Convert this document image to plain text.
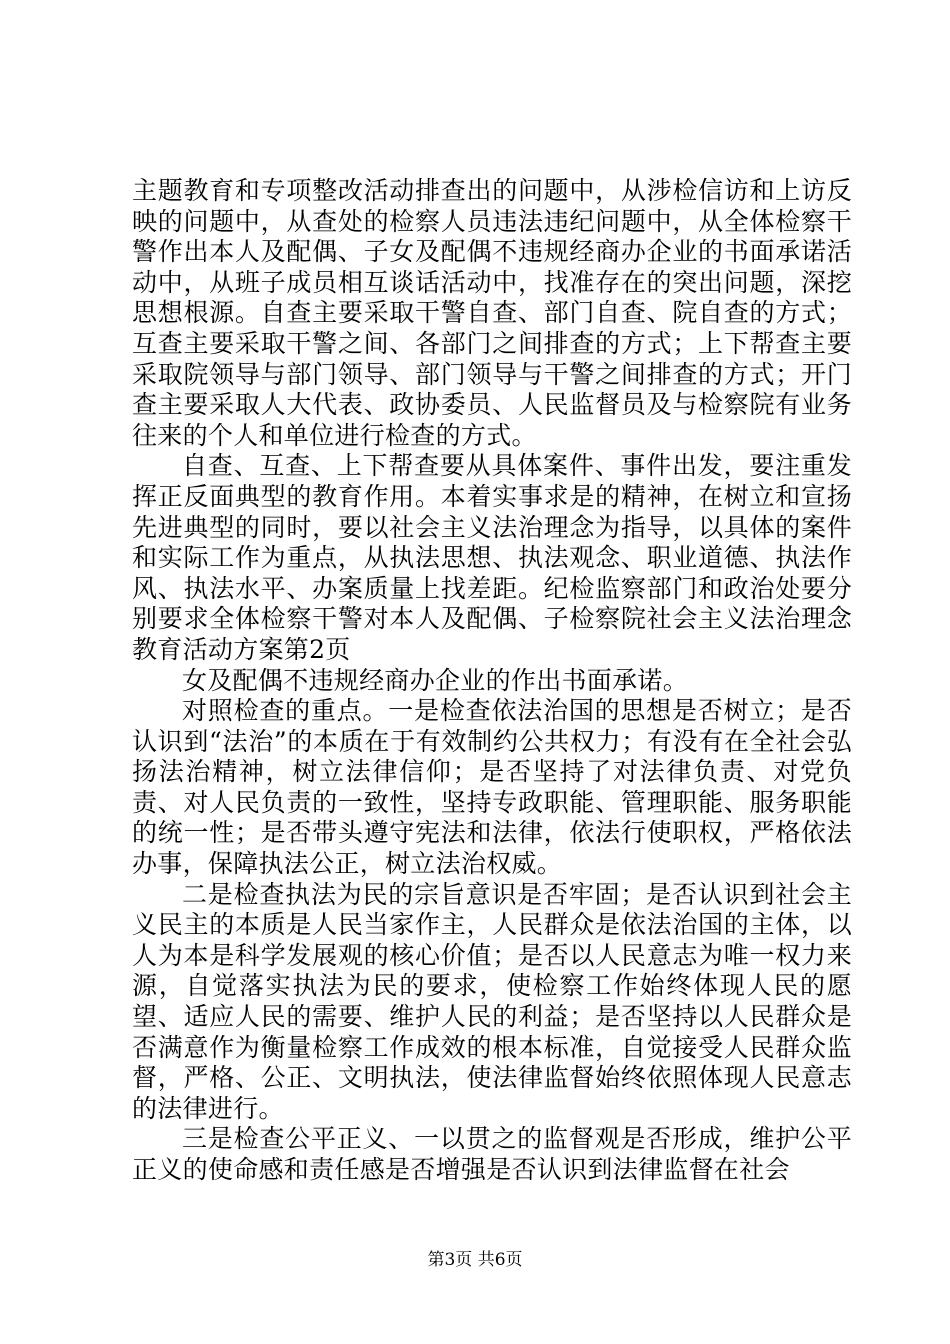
主题教育和专项整改活动排查出的问题中，从涉检信访和上访反映的问题中，从查处的检察人员违法违纪问题中，从全体检察干警作出本人及配偶、子女及配偶不违规经商办企业的书面承诺活动中，从班子成员相互谈话活动中，找准存在的突出问题，深挖思想根源。自查主要采取干警自查、部门自查、院自查的方式；互查主要采取干警之间、各部门之间排查的方式；上下帮查主要采取院领导与部门领导、部门领导与干警之间排查的方式；开门查主要采取人大代表、政协委员、人民监督员及与检察院有业务往来的个人和单位进行检查的方式。

自查、互查、上下帮查要从具体案件、事件出发，要注重发挥正反面典型的教育作用。本着实事求是的精神，在树立和宣扬先进典型的同时，要以社会主义法治理念为指导，以具体的案件和实际工作为重点，从执法思想、执法观念、职业道德、执法作风、执法水平、办案质量上找差距。纪检监察部门和政治处要分别要求全体检察干警对本人及配偶、子检察院社会主义法治理念教育活动方案第2页

女及配偶不违规经商办企业的作出书面承诺。

对照检查的重点。一是检查依法治国的思想是否树立；是否认识到“法治”的本质在于有效制约公共权力；有没有在全社会弘扬法治精神，树立法律信仰；是否坚持了对法律负责、对党负责、对人民负责的一致性，坚持专政职能、管理职能、服务职能的统一性；是否带头遵守宪法和法律，依法行使职权，严格依法办事，保障执法公正，树立法治权威。

二是检查执法为民的宗旨意识是否牢固；是否认识到社会主义民主的本质是人民当家作主，人民群众是依法治国的主体，以人为本是科学发展观的核心价值；是否以人民意志为唯一权力来源，自觉落实执法为民的要求，使检察工作始终体现人民的愿望、适应人民的需要、维护人民的利益；是否坚持以人民群众是否满意作为衡量检察工作成效的根本标准，自觉接受人民群众监督，严格、公正、文明执法，使法律监督始终依照体现人民意志的法律进行。

三是检查公平正义、一以贯之的监督观是否形成，维护公平正义的使命感和责任感是否增强是否认识到法律监督在社会

第3页 共6页
